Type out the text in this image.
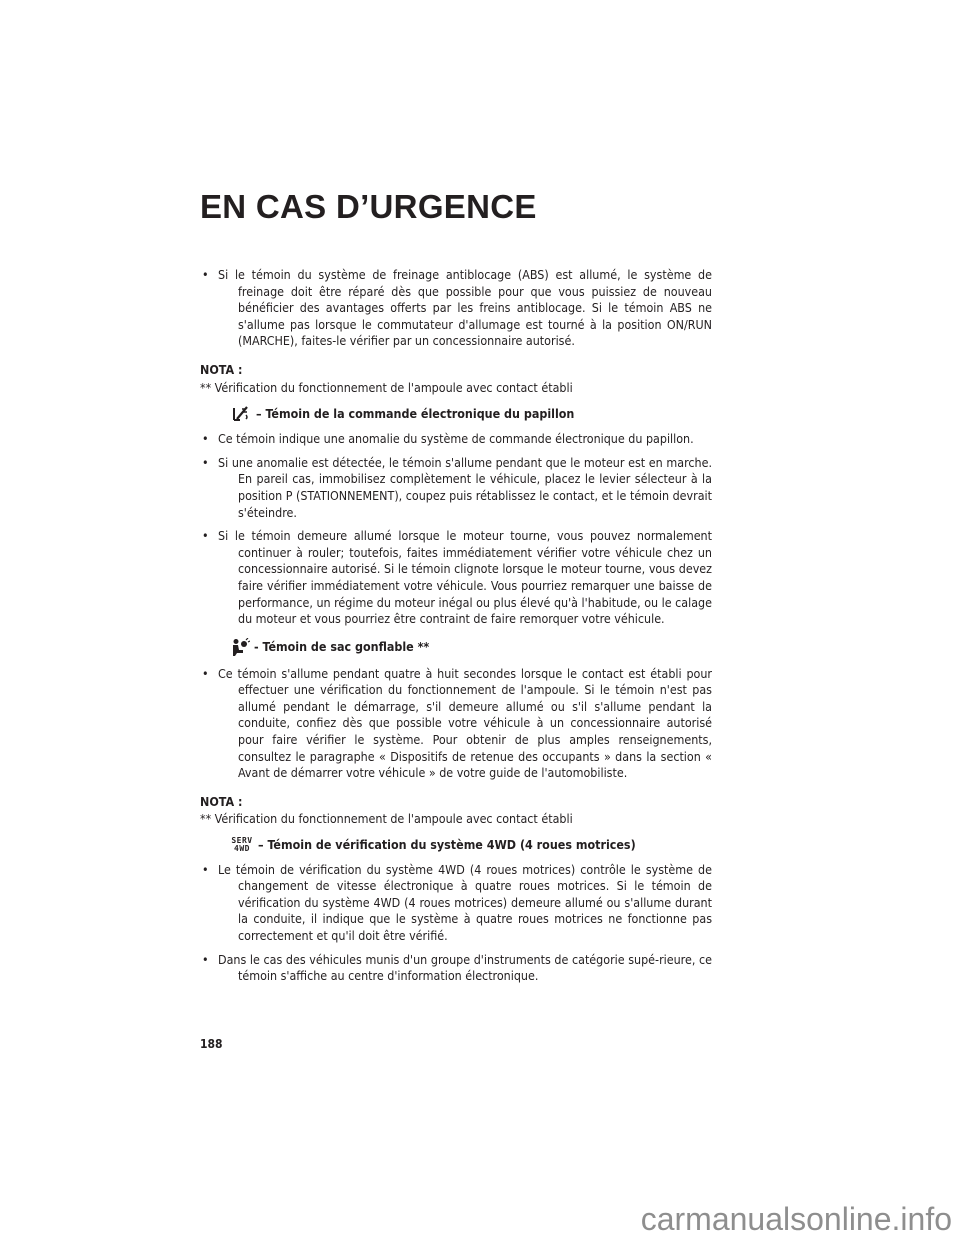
EN CAS D’URGENCE

• Si le témoin du système de freinage antiblocage (ABS) est allumé, le système de freinage doit être réparé dès que possible pour que vous puissiez de nouveau bénéficier des avantages offerts par les freins antiblocage. Si le témoin ABS ne s'allume pas lorsque le commutateur d'allumage est tourné à la position ON/RUN (MARCHE), faites-le vérifier par un concessionnaire autorisé.

NOTA :

** Vérification du fonctionnement de l'ampoule avec contact établi

– Témoin de la commande électronique du papillon

• Ce témoin indique une anomalie du système de commande électronique du papillon.

• Si une anomalie est détectée, le témoin s'allume pendant que le moteur est en marche. En pareil cas, immobilisez complètement le véhicule, placez le levier sélecteur à la position P (STATIONNEMENT), coupez puis rétablissez le contact, et le témoin devrait s'éteindre.

• Si le témoin demeure allumé lorsque le moteur tourne, vous pouvez normalement continuer à rouler; toutefois, faites immédiatement vérifier votre véhicule chez un concessionnaire autorisé. Si le témoin clignote lorsque le moteur tourne, vous devez faire vérifier immédiatement votre véhicule. Vous pourriez remarquer une baisse de performance, un régime du moteur inégal ou plus élevé qu'à l'habitude, ou le calage du moteur et vous pourriez être contraint de faire remorquer votre véhicule.

- Témoin de sac gonflable **

• Ce témoin s'allume pendant quatre à huit secondes lorsque le contact est établi pour effectuer une vérification du fonctionnement de l'ampoule. Si le témoin n'est pas allumé pendant le démarrage, s'il demeure allumé ou s'il s'allume pendant la conduite, confiez dès que possible votre véhicule à un concessionnaire autorisé pour faire vérifier le système. Pour obtenir de plus amples renseignements, consultez le paragraphe « Dispositifs de retenue des occupants » dans la section « Avant de démarrer votre véhicule » de votre guide de l'automobiliste.

NOTA :

** Vérification du fonctionnement de l'ampoule avec contact établi

SERV
4WD – Témoin de vérification du système 4WD (4 roues motrices)

• Le témoin de vérification du système 4WD (4 roues motrices) contrôle le système de changement de vitesse électronique à quatre roues motrices. Si le témoin de vérification du système 4WD (4 roues motrices) demeure allumé ou s'allume durant la conduite, il indique que le système à quatre roues motrices ne fonctionne pas correctement et qu'il doit être vérifié.

• Dans le cas des véhicules munis d'un groupe d'instruments de catégorie supé-rieure, ce témoin s'affiche au centre d'information électronique.

188
carmanualsonline.info
